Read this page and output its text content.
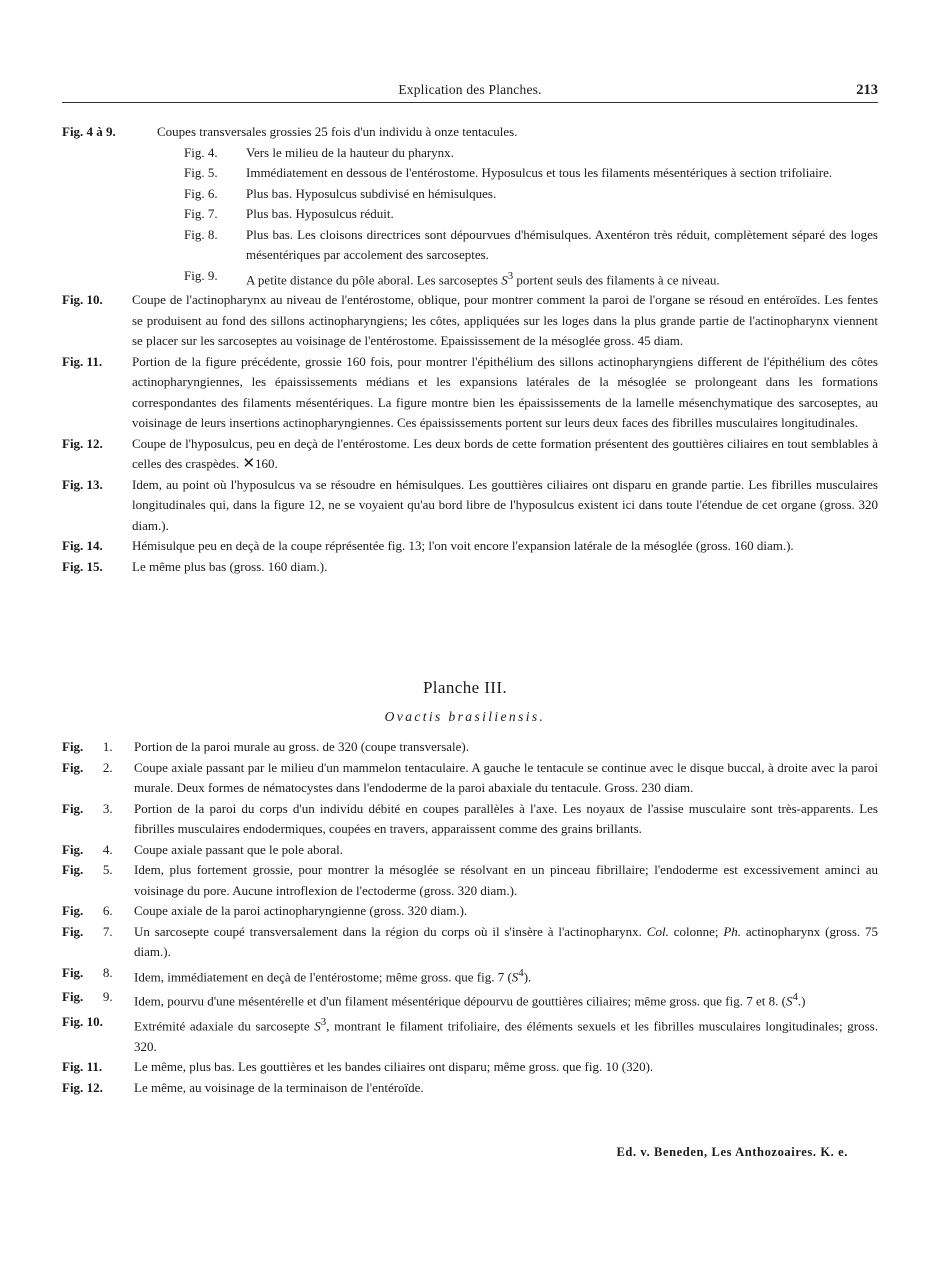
Explication des Planches.	213
Fig. 4 à 9.	Coupes transversales grossies 25 fois d'un individu à onze tentacules.
Fig. 4.	Vers le milieu de la hauteur du pharynx.
Fig. 5.	Immédiatement en dessous de l'entérostome. Hyposulcus et tous les filaments mésentériques à section trifoliaire.
Fig. 6.	Plus bas. Hyposulcus subdivisé en hémisulques.
Fig. 7.	Plus bas. Hyposulcus réduit.
Fig. 8.	Plus bas. Les cloisons directrices sont dépourvues d'hémisulques. Axentéron très réduit, complètement séparé des loges mésentériques par accolement des sarcoseptes.
Fig. 9.	A petite distance du pôle aboral. Les sarcoseptes $S^3$ portent seuls des filaments à ce niveau.
Fig. 10.	Coupe de l'actinopharynx au niveau de l'entérostome, oblique, pour montrer comment la paroi de l'organe se résoud en entéroïdes. Les fentes se produisent au fond des sillons actinopharyngiens; les côtes, appliquées sur les loges dans la plus grande partie de l'actinopharynx viennent se placer sur les sarcoseptes au voisinage de l'entérostome. Epaississement de la mésoglée gross. 45 diam.
Fig. 11.	Portion de la figure précédente, grossie 160 fois, pour montrer l'épithélium des sillons actinopharyngiens different de l'épithélium des côtes actinopharyngiennes, les épaississements médians et les expansions latérales de la mésoglée se prolongeant dans les formations correspondantes des filaments mésentériques. La figure montre bien les épaississements de la lamelle mésenchymatique des sarcoseptes, au voisinage de leurs insertions actinopharyngiennes. Ces épaississements portent sur leurs deux faces des fibrilles musculaires longitudinales.
Fig. 12.	Coupe de l'hyposulcus, peu en deçà de l'entérostome. Les deux bords de cette formation présentent des gouttières ciliaires en tout semblables à celles des craspèdes. ✕160.
Fig. 13.	Idem, au point où l'hyposulcus va se résoudre en hémisulques. Les gouttières ciliaires ont disparu en grande partie. Les fibrilles musculaires longitudinales qui, dans la figure 12, ne se voyaient qu'au bord libre de l'hyposulcus existent ici dans toute l'étendue de cet organe (gross. 320 diam.).
Fig. 14.	Hémisulque peu en deçà de la coupe réprésentée fig. 13; l'on voit encore l'expansion latérale de la mésoglée (gross. 160 diam.).
Fig. 15.	Le même plus bas (gross. 160 diam.).
Planche III.
Ovactis brasiliensis.
Fig. 1.	Portion de la paroi murale au gross. de 320 (coupe transversale).
Fig. 2.	Coupe axiale passant par le milieu d'un mammelon tentaculaire. A gauche le tentacule se continue avec le disque buccal, à droite avec la paroi murale. Deux formes de nématocystes dans l'endoderme de la paroi abaxiale du tentacule. Gross. 230 diam.
Fig. 3.	Portion de la paroi du corps d'un individu débité en coupes parallèles à l'axe. Les noyaux de l'assise musculaire sont très-apparents. Les fibrilles musculaires endodermiques, coupées en travers, apparaissent comme des grains brillants.
Fig. 4.	Coupe axiale passant que le pole aboral.
Fig. 5.	Idem, plus fortement grossie, pour montrer la mésoglée se résolvant en un pinceau fibrillaire; l'endoderme est excessivement aminci au voisinage du pore. Aucune introflexion de l'ectoderme (gross. 320 diam.).
Fig. 6.	Coupe axiale de la paroi actinopharyngienne (gross. 320 diam.).
Fig. 7.	Un sarcosepte coupé transversalement dans la région du corps où il s'insère à l'actinopharynx. Col. colonne; Ph. actinopharynx (gross. 75 diam.).
Fig. 8.	Idem, immédiatement en deçà de l'entérostome; même gross. que fig. 7 $(S^4)$.
Fig. 9.	Idem, pourvu d'une mésentérelle et d'un filament mésentérique dépourvu de gouttières ciliaires; même gross. que fig. 7 et 8. $(S^4.)$
Fig. 10.	Extrémité adaxiale du sarcosepte $S^3$, montrant le filament trifoliaire, des éléments sexuels et les fibrilles musculaires longitudinales; gross. 320.
Fig. 11.	Le même, plus bas. Les gouttières et les bandes ciliaires ont disparu; même gross. que fig. 10 (320).
Fig. 12.	Le même, au voisinage de la terminaison de l'entéroïde.
Ed. v. Beneden, Les Anthozoaires. K. e.
